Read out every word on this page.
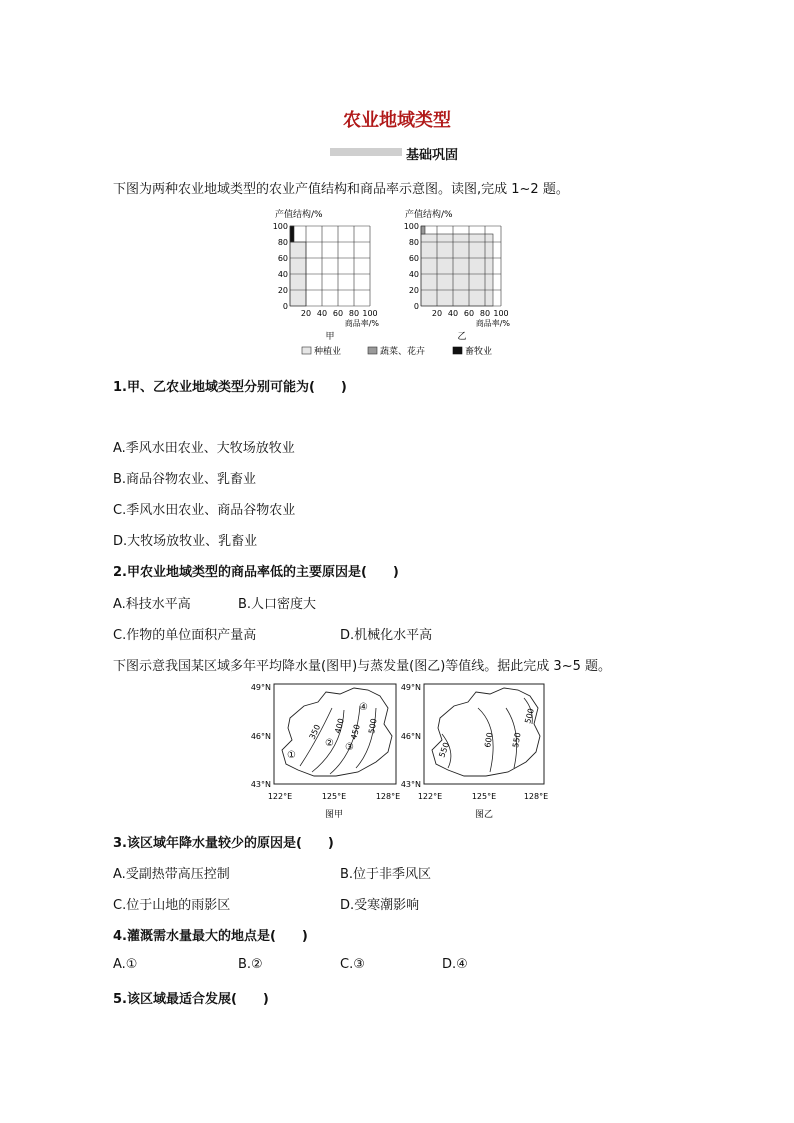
农业地域类型
基础巩固
下图为两种农业地域类型的农业产值结构和商品率示意图。读图,完成 1~2 题。
产值结构/%
100
80
60
40
20
0
20 40 60 80 100
商品率/%
甲
产值结构/%
100
80
60
40
20
0
20 40 60 80 100
商品率/%
乙
种植业	蔬菜、花卉	畜牧业
1.甲、乙农业地域类型分别可能为(　　)
A.季风水田农业、大牧场放牧业
B.商品谷物农业、乳畜业
C.季风水田农业、商品谷物农业
D.大牧场放牧业、乳畜业
2.甲农业地域类型的商品率低的主要原因是(　　)
A.科技水平高	B.人口密度大
C.作物的单位面积产量高	D.机械化水平高
下图示意我国某区域多年平均降水量(图甲)与蒸发量(图乙)等值线。据此完成 3~5 题。
350 400 450 500
①
② ③
④
550
600 550
500
49°N
46°N
43°N
49°N
46°N
43°N
122°E	125°E	128°E 122°E	125°E	128°E
图甲	图乙
3.该区域年降水量较少的原因是(　　)
A.受副热带高压控制	B.位于非季风区
C.位于山地的雨影区	D.受寒潮影响
4.灌溉需水量最大的地点是(　　)
A.①	B.②	C.③	D.④
5.该区域最适合发展(　　)
